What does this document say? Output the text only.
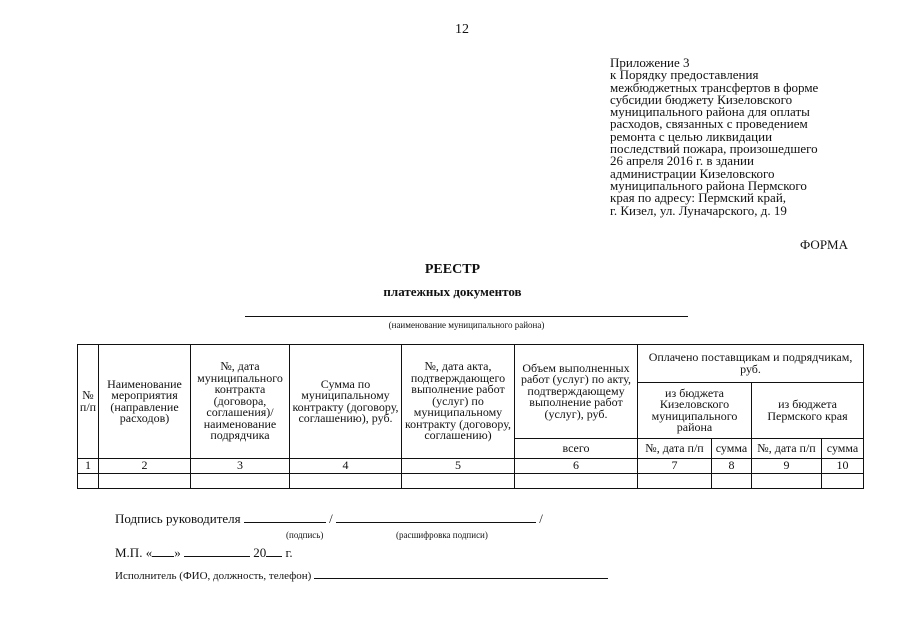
12
Приложение 3
к Порядку предоставления
межбюджетных трансфертов в форме
субсидии бюджету Кизеловского
муниципального района для оплаты
расходов, связанных с проведением
ремонта с целью ликвидации
последствий пожара, произошедшего
26 апреля 2016 г. в здании
администрации Кизеловского
муниципального района Пермского
края по адресу: Пермский край,
г. Кизел, ул. Луначарского, д. 19
ФОРМА
РЕЕСТР
платежных документов
(наименование муниципального района)
№ п/п	Наименование мероприятия (направление расходов)	№, дата муниципального контракта (договора, соглашения)/ наименование подрядчика	Сумма по муниципальному контракту (договору, соглашению), руб.	№, дата акта, подтверждающего выполнение работ (услуг) по муниципальному контракту (договору, соглашению)	Объем выполненных работ (услуг) по акту, подтверждающему выполнение работ (услуг), руб.	Оплачено поставщикам и подрядчикам, руб.			
						из бюджета Кизеловского муниципального района		из бюджета Пермского края	
					всего	№, дата п/п	сумма	№, дата п/п	сумма
1	2	3	4	5	6	7	8	9	10

Подпись руководителя	/	/
(подпись)	(расшифровка подписи)
М.П. « »	20 г.
Исполнитель (ФИО, должность, телефон)
